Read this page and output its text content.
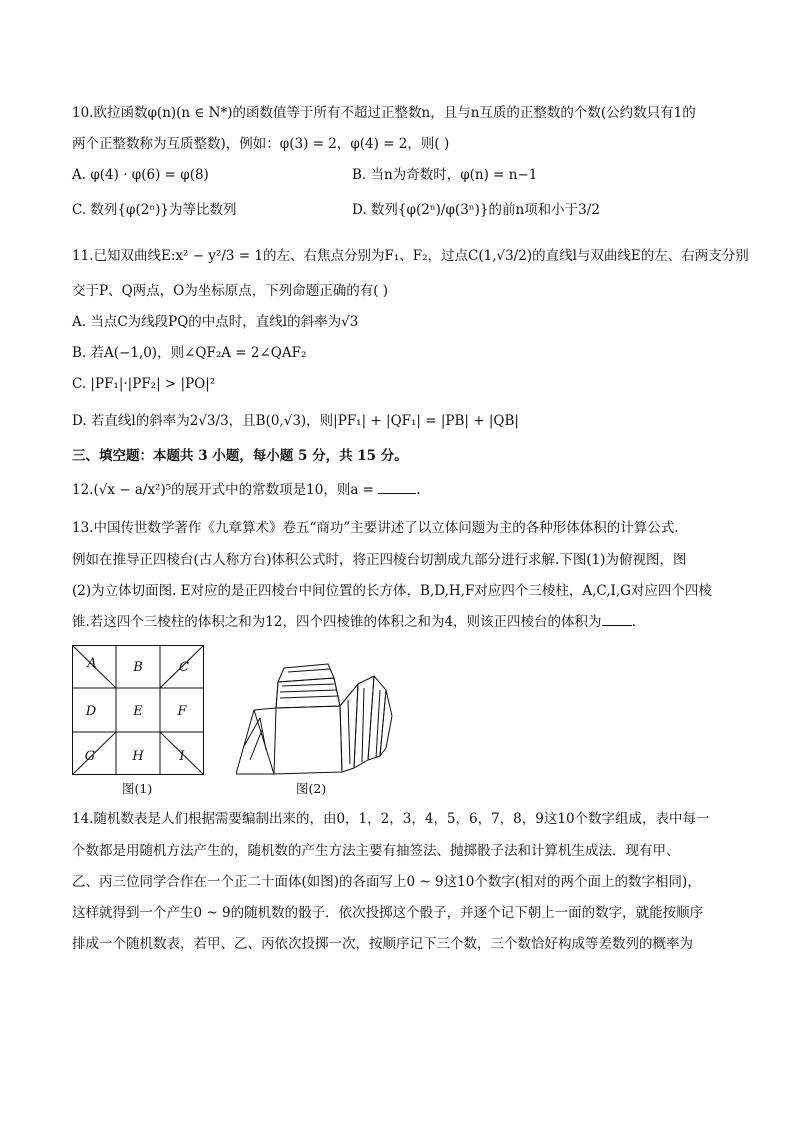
10.欧拉函数φ(n)(n ∈ N*)的函数值等于所有不超过正整数n，且与n互质的正整数的个数(公约数只有1的
两个正整数称为互质整数)，例如：φ(3) = 2，φ(4) = 2，则( )
A. φ(4) · φ(6) = φ(8)	B. 当n为奇数时，φ(n) = n−1
C. 数列{φ(2ⁿ)}为等比数列	D. 数列{φ(2ⁿ)/φ(3ⁿ)}的前n项和小于3/2
11.已知双曲线E:x² − y²/3 = 1的左、右焦点分别为F₁、F₂，过点C(1,√3/2)的直线l与双曲线E的左、右两支分别
交于P、Q两点，O为坐标原点，下列命题正确的有( )
A. 当点C为线段PQ的中点时，直线l的斜率为√3
B. 若A(−1,0)，则∠QF₂A = 2∠QAF₂
C. |PF₁|·|PF₂| > |PO|²
D. 若直线l的斜率为2√3/3，且B(0,√3)，则|PF₁| + |QF₁| = |PB| + |QB|
三、填空题：本题共 3 小题，每小题 5 分，共 15 分。
12.(√x − a/x²)⁵的展开式中的常数项是10，则a =	.
13.中国传世数学著作《九章算术》卷五“商功”主要讲述了以立体问题为主的各种形体体积的计算公式.
例如在推导正四棱台(古人称方台)体积公式时，将正四棱台切割成九部分进行求解.下图(1)为俯视图，图
(2)为立体切面图. E对应的是正四棱台中间位置的长方体，B,D,H,F对应四个三棱柱，A,C,I,G对应四个四棱
锥.若这四个三棱柱的体积之和为12，四个四棱锥的体积之和为4，则该正四棱台的体积为 .
A	B	C
D	E	F
G	H	I
图(1)	图(2)
14.随机数表是人们根据需要编制出来的，由0，1，2，3，4，5，6，7，8，9这10个数字组成，表中每一
个数都是用随机方法产生的，随机数的产生方法主要有抽签法、抛掷骰子法和计算机生成法．现有甲、
乙、丙三位同学合作在一个正二十面体(如图)的各面写上0 ~ 9这10个数字(相对的两个面上的数字相同)，
这样就得到一个产生0 ~ 9的随机数的骰子．依次投掷这个骰子，并逐个记下朝上一面的数字，就能按顺序
排成一个随机数表，若甲、乙、丙依次投掷一次，按顺序记下三个数，三个数恰好构成等差数列的概率为
